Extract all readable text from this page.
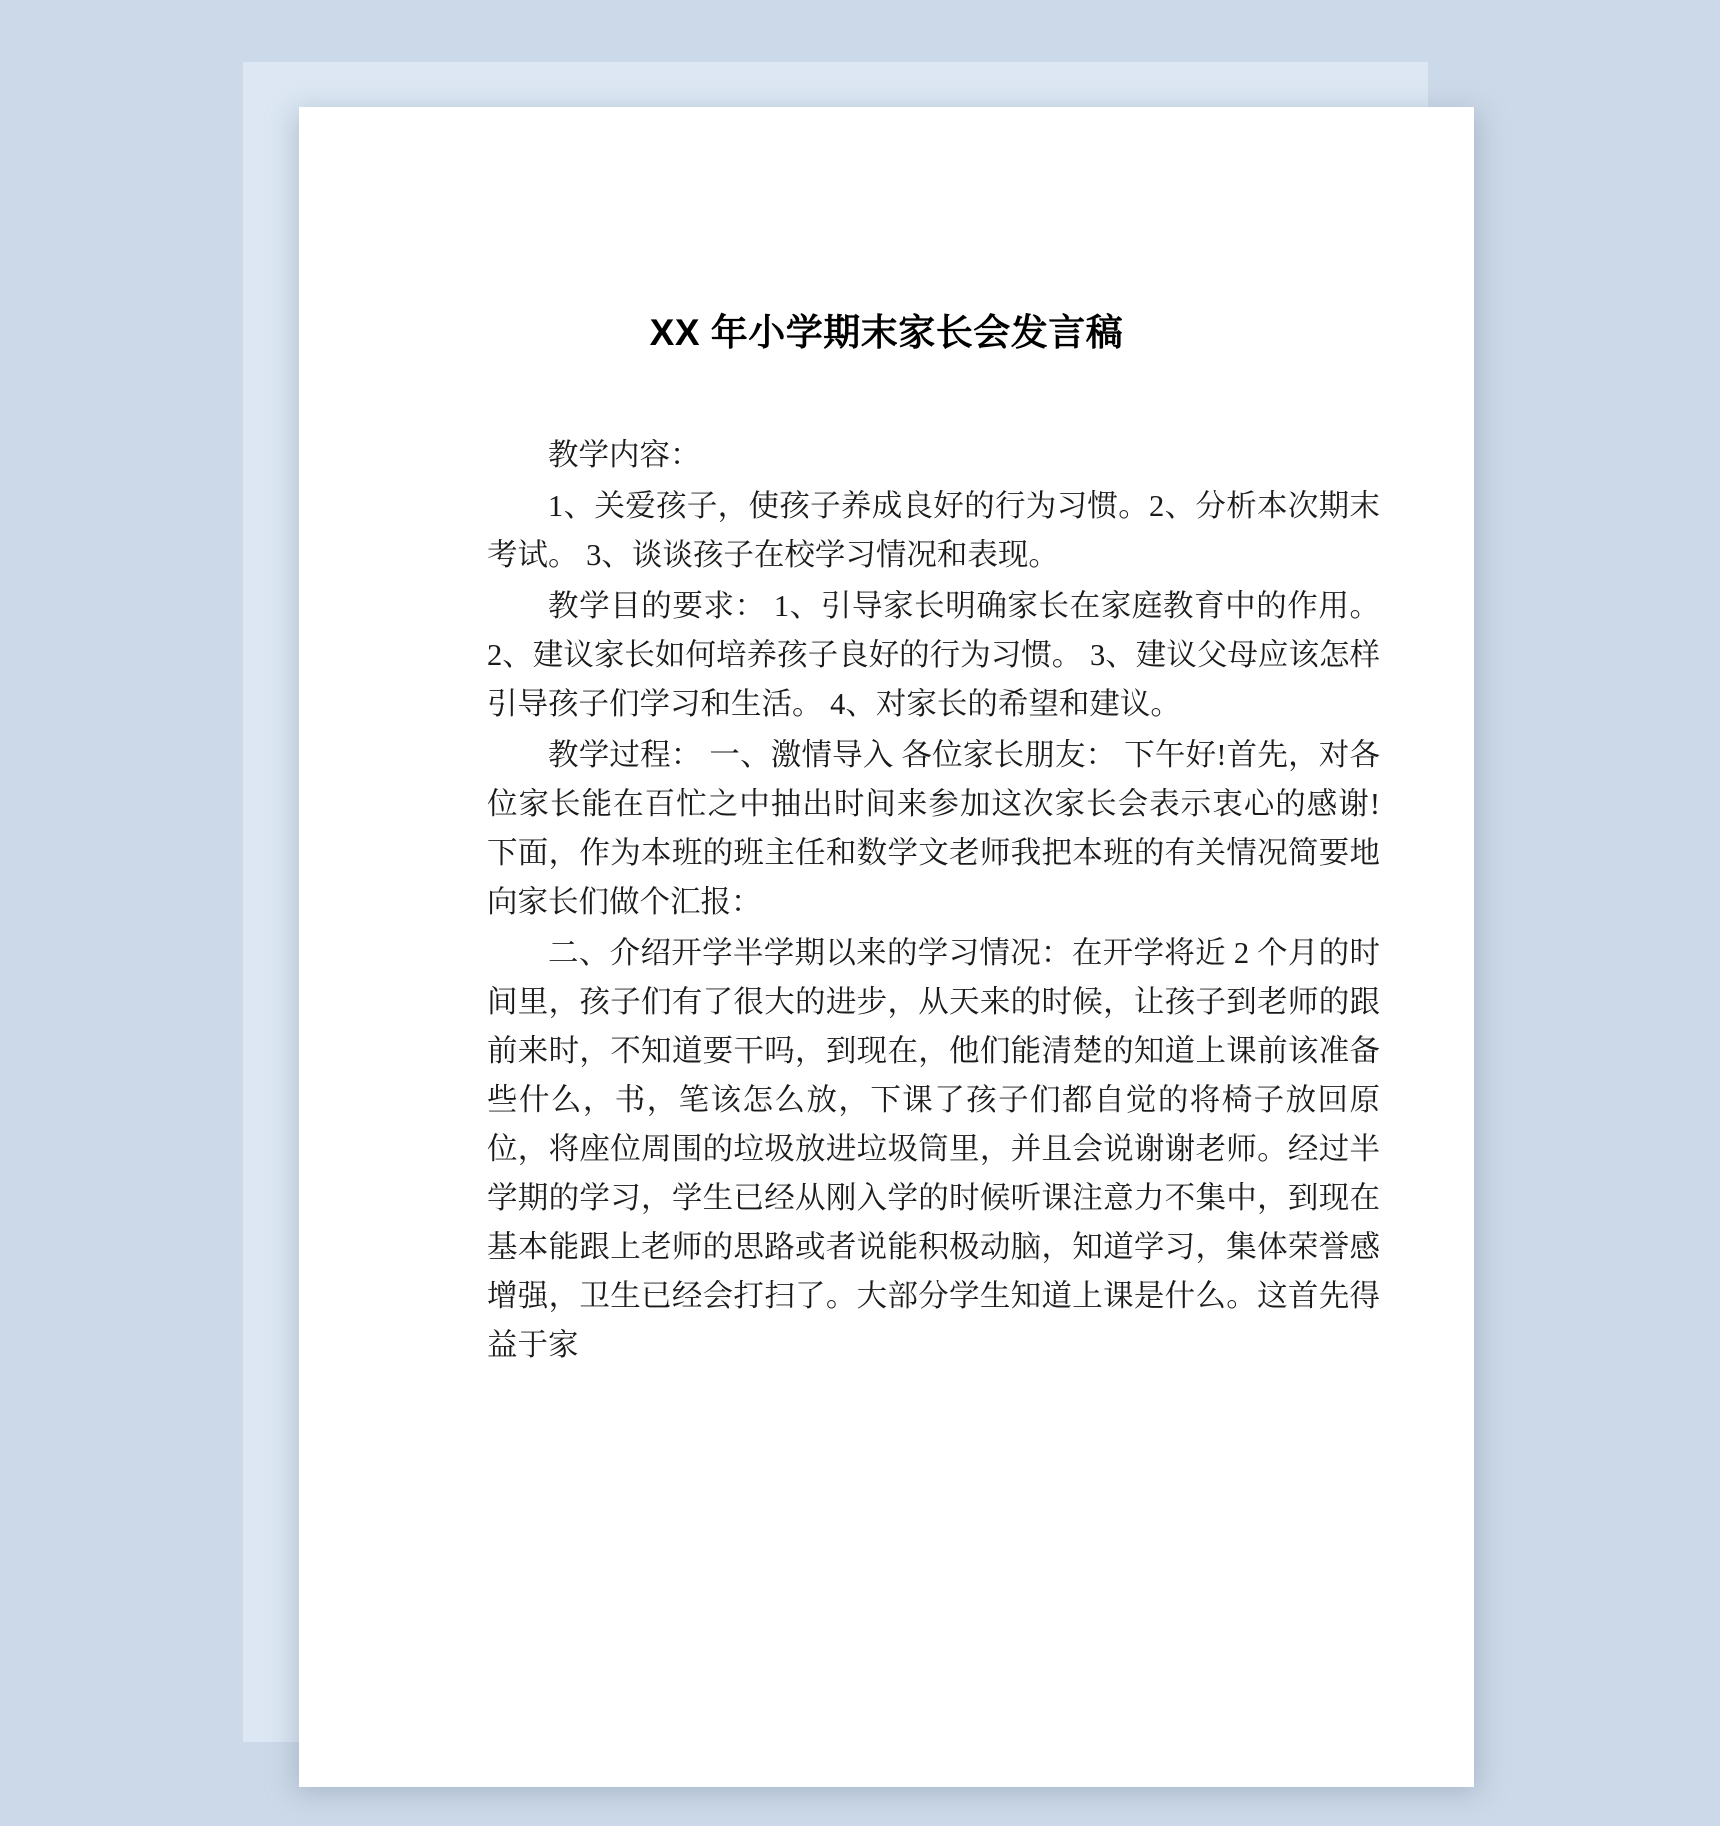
XX 年小学期末家长会发言稿

教学内容：

1、关爱孩子，使孩子养成良好的行为习惯。2、分析本次期末考试。 3、谈谈孩子在校学习情况和表现。

教学目的要求： 1、引导家长明确家长在家庭教育中的作用。 2、建议家长如何培养孩子良好的行为习惯。 3、建议父母应该怎样引导孩子们学习和生活。 4、对家长的希望和建议。

教学过程： 一、激情导入 各位家长朋友： 下午好!首先，对各位家长能在百忙之中抽出时间来参加这次家长会表示衷心的感谢!下面，作为本班的班主任和数学文老师我把本班的有关情况简要地向家长们做个汇报：

二、介绍开学半学期以来的学习情况：在开学将近 2 个月的时间里，孩子们有了很大的进步，从天来的时候，让孩子到老师的跟前来时，不知道要干吗，到现在，他们能清楚的知道上课前该准备些什么，书，笔该怎么放，下课了孩子们都自觉的将椅子放回原位，将座位周围的垃圾放进垃圾筒里，并且会说谢谢老师。经过半学期的学习，学生已经从刚入学的时候听课注意力不集中，到现在基本能跟上老师的思路或者说能积极动脑，知道学习，集体荣誉感增强，卫生已经会打扫了。大部分学生知道上课是什么。这首先得益于家
